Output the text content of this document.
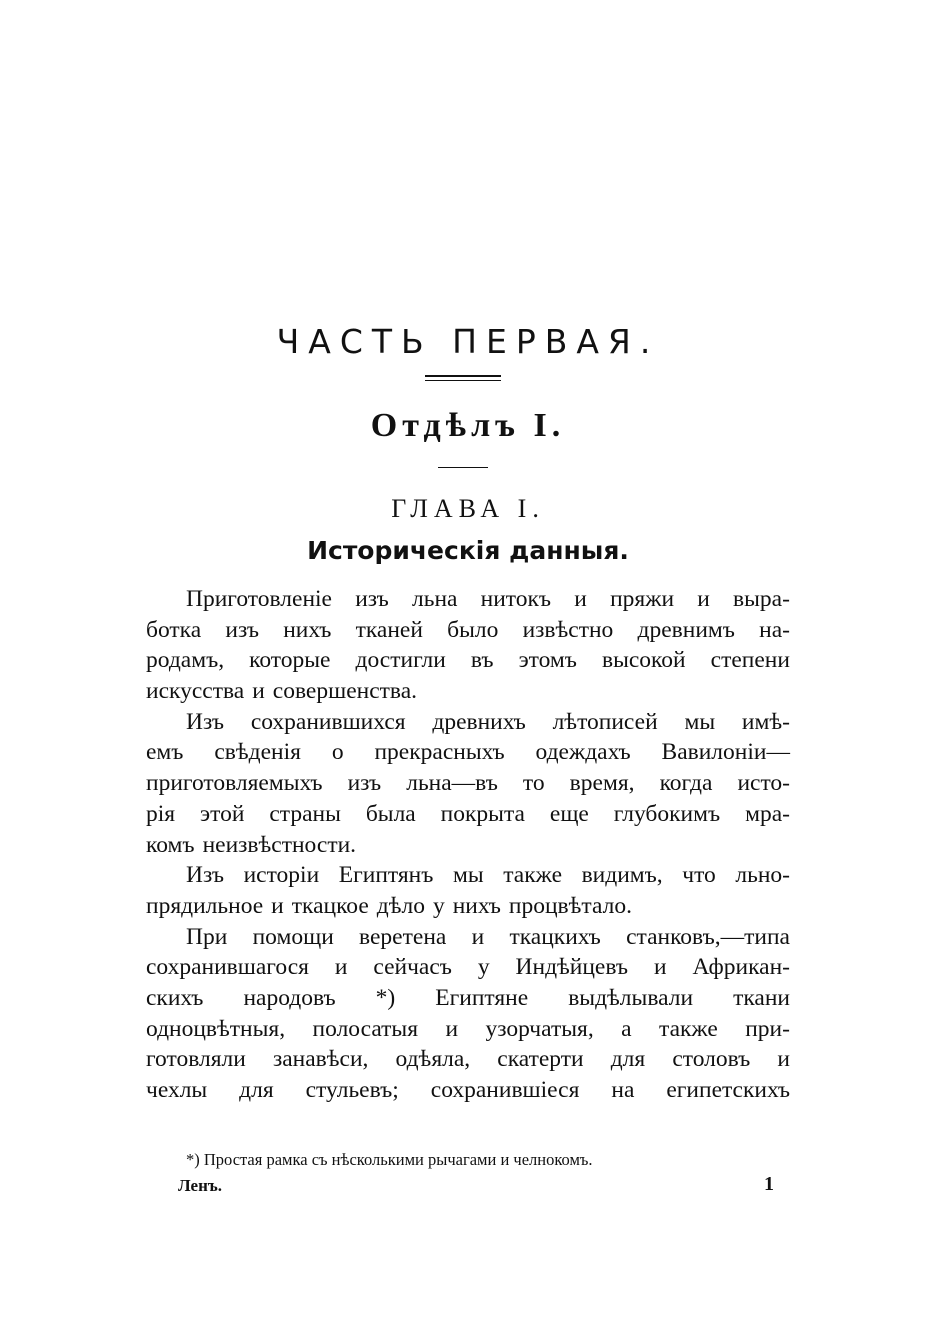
ЧАСТЬ ПЕРВАЯ.
Отдѣлъ I.
ГЛАВА I.
Историческія данныя.
Приготовленіе изъ льна нитокъ и пряжи и выра-
ботка изъ нихъ тканей было извѣстно древнимъ на-
родамъ, которые достигли въ этомъ высокой степени
искусства и совершенства.
Изъ сохранившихся древнихъ лѣтописей мы имѣ-
емъ свѣденія о прекрасныхъ одеждахъ Вавилоніи—
приготовляемыхъ изъ льна—въ то время, когда исто-
рія этой страны была покрыта еще глубокимъ мра-
комъ неизвѣстности.
Изъ исторіи Египтянъ мы также видимъ, что льно-
прядильное и ткацкое дѣло у нихъ процвѣтало.
При помощи веретена и ткацкихъ станковъ,—типа
сохранившагося и сейчасъ у Индѣйцевъ и Африкан-
скихъ народовъ *) Египтяне выдѣлывали ткани
одноцвѣтныя, полосатыя и узорчатыя, а также при-
готовляли занавѣси, одѣяла, скатерти для столовъ и
чехлы для стульевъ; сохранившіеся на египетскихъ
*) Простая рамка съ нѣсколькими рычагами и челнокомъ.
Ленъ.	1
